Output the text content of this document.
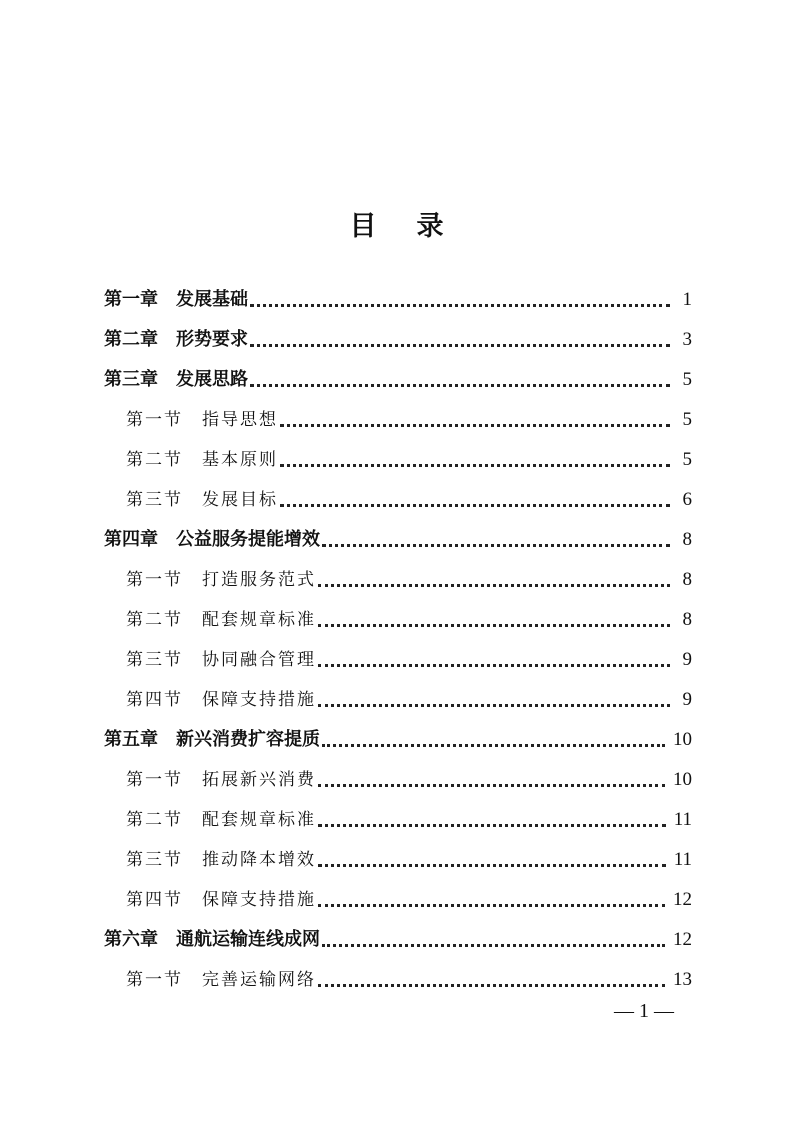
目录
第一章　发展基础	1
第二章　形势要求	3
第三章　发展思路	5
第一节　指导思想	5
第二节　基本原则	5
第三节　发展目标	6
第四章　公益服务提能增效	8
第一节　打造服务范式	8
第二节　配套规章标准	8
第三节　协同融合管理	9
第四节　保障支持措施	9
第五章　新兴消费扩容提质	10
第一节　拓展新兴消费	10
第二节　配套规章标准	11
第三节　推动降本增效	11
第四节　保障支持措施	12
第六章　通航运输连线成网	12
第一节　完善运输网络	13
— 1 —
